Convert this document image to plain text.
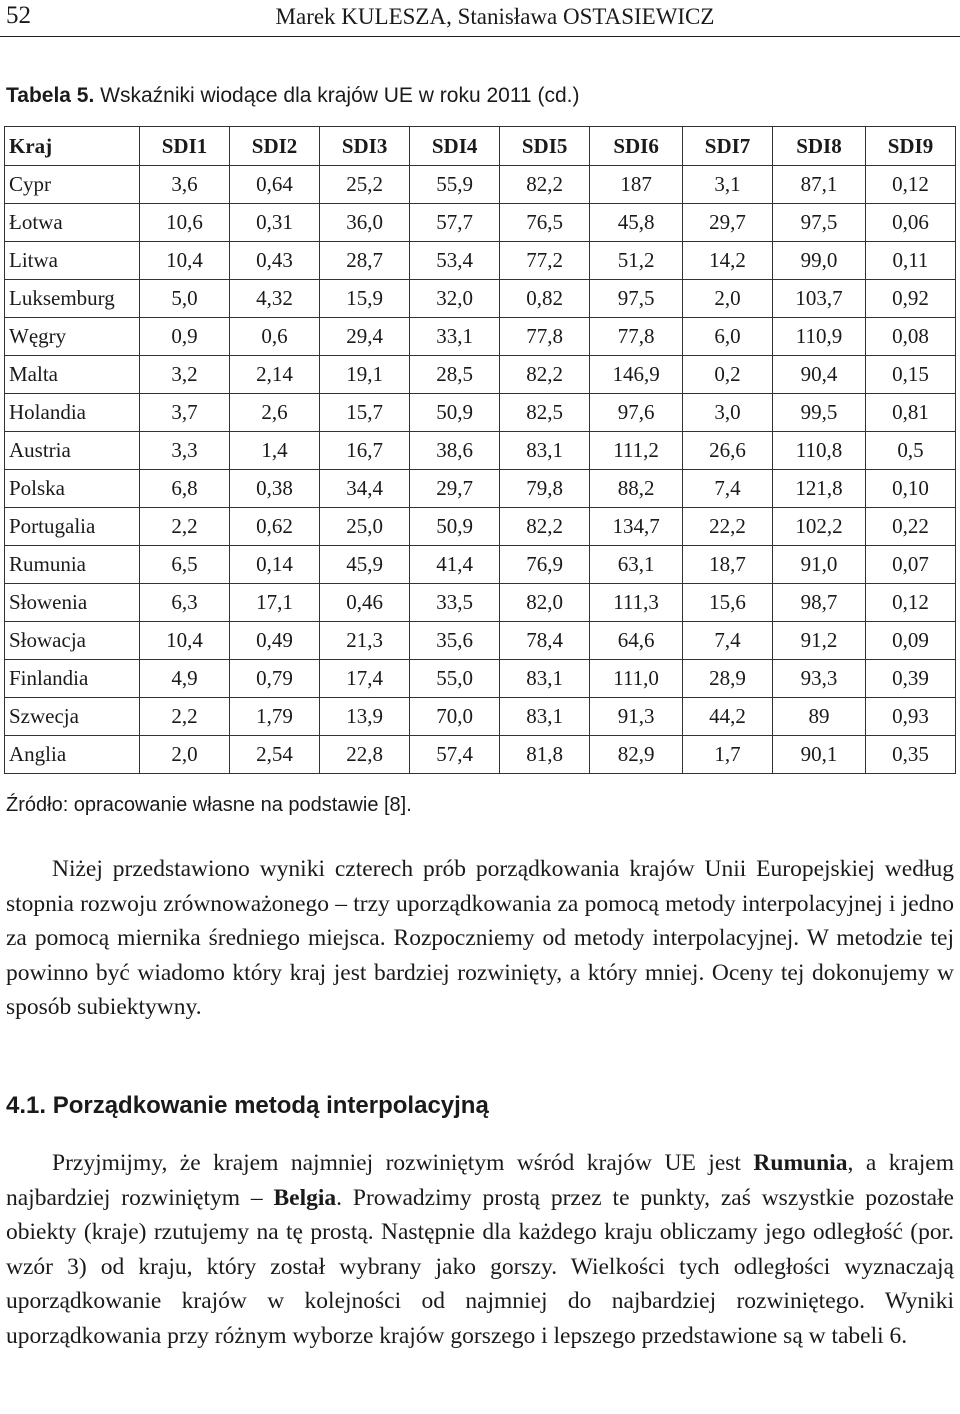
52	Marek KULESZA, Stanisława OSTASIEWICZ
Tabela 5. Wskaźniki wiodące dla krajów UE w roku 2011 (cd.)
Kraj	SDI1	SDI2	SDI3	SDI4	SDI5	SDI6	SDI7	SDI8	SDI9
Cypr	3,6	0,64	25,2	55,9	82,2	187	3,1	87,1	0,12
Łotwa	10,6	0,31	36,0	57,7	76,5	45,8	29,7	97,5	0,06
Litwa	10,4	0,43	28,7	53,4	77,2	51,2	14,2	99,0	0,11
Luksemburg	5,0	4,32	15,9	32,0	0,82	97,5	2,0	103,7	0,92
Węgry	0,9	0,6	29,4	33,1	77,8	77,8	6,0	110,9	0,08
Malta	3,2	2,14	19,1	28,5	82,2	146,9	0,2	90,4	0,15
Holandia	3,7	2,6	15,7	50,9	82,5	97,6	3,0	99,5	0,81
Austria	3,3	1,4	16,7	38,6	83,1	111,2	26,6	110,8	0,5
Polska	6,8	0,38	34,4	29,7	79,8	88,2	7,4	121,8	0,10
Portugalia	2,2	0,62	25,0	50,9	82,2	134,7	22,2	102,2	0,22
Rumunia	6,5	0,14	45,9	41,4	76,9	63,1	18,7	91,0	0,07
Słowenia	6,3	17,1	0,46	33,5	82,0	111,3	15,6	98,7	0,12
Słowacja	10,4	0,49	21,3	35,6	78,4	64,6	7,4	91,2	0,09
Finlandia	4,9	0,79	17,4	55,0	83,1	111,0	28,9	93,3	0,39
Szwecja	2,2	1,79	13,9	70,0	83,1	91,3	44,2	89	0,93
Anglia	2,0	2,54	22,8	57,4	81,8	82,9	1,7	90,1	0,35
Źródło: opracowanie własne na podstawie [8].
Niżej przedstawiono wyniki czterech prób porządkowania krajów Unii Europejskiej według stopnia rozwoju zrównoważonego – trzy uporządkowania za pomocą metody interpolacyjnej i jedno za pomocą miernika średniego miejsca. Rozpoczniemy od metody interpolacyjnej. W metodzie tej powinno być wiadomo który kraj jest bardziej rozwinięty, a który mniej. Oceny tej dokonujemy w sposób subiektywny.
4.1. Porządkowanie metodą interpolacyjną
Przyjmijmy, że krajem najmniej rozwiniętym wśród krajów UE jest Rumunia, a krajem najbardziej rozwiniętym – Belgia. Prowadzimy prostą przez te punkty, zaś wszystkie pozostałe obiekty (kraje) rzutujemy na tę prostą. Następnie dla każdego kraju obliczamy jego odległość (por. wzór 3) od kraju, który został wybrany jako gorszy. Wielkości tych odległości wyznaczają uporządkowanie krajów w kolejności od najmniej do najbardziej rozwiniętego. Wyniki uporządkowania przy różnym wyborze krajów gorszego i lepszego przedstawione są w tabeli 6.
